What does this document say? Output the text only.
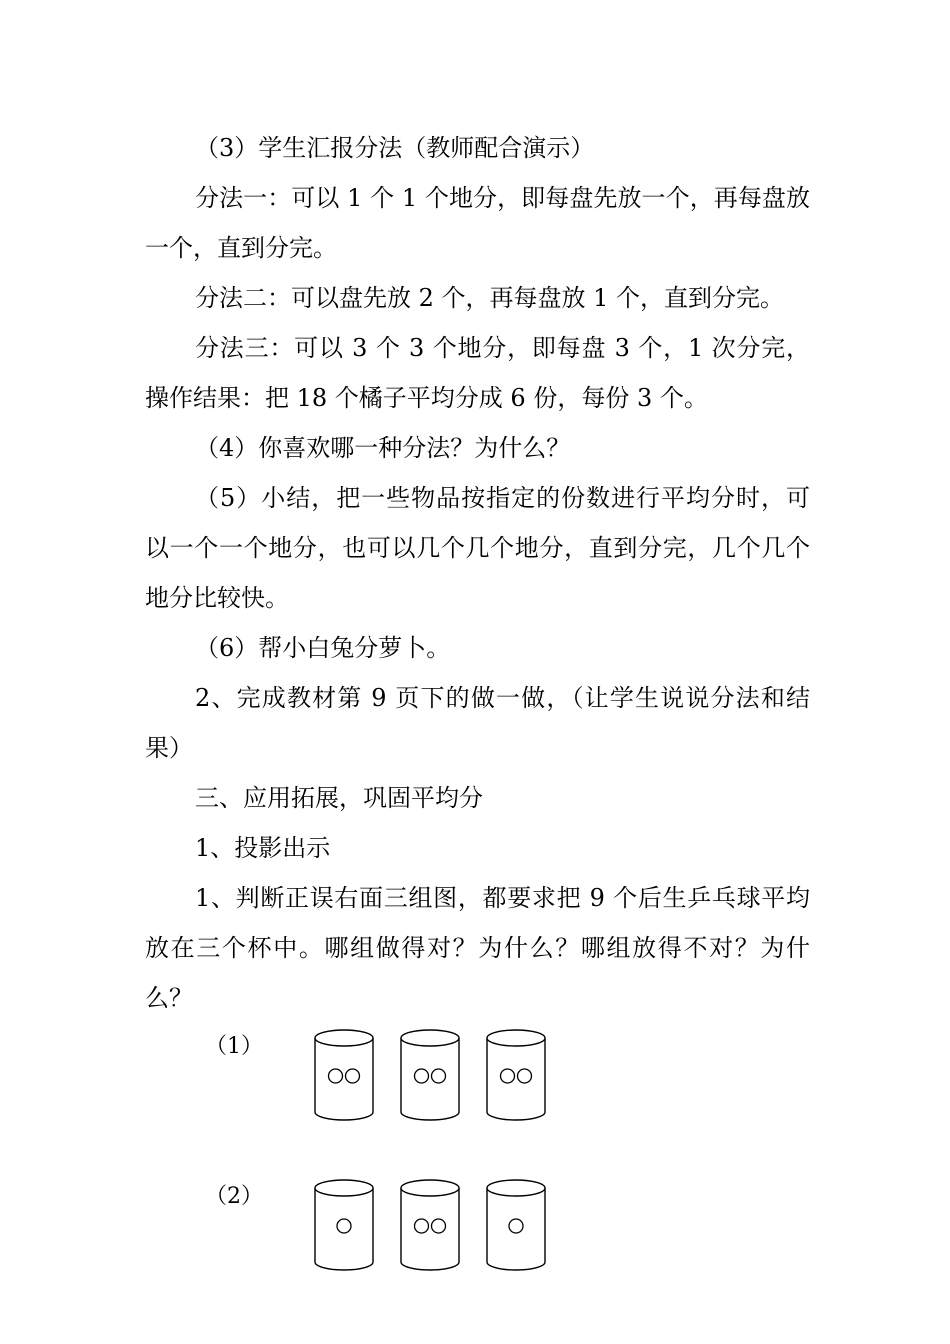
（3）学生汇报分法（教师配合演示）

分法一：可以 1 个 1 个地分，即每盘先放一个，再每盘放一个，直到分完。

分法二：可以盘先放 2 个，再每盘放 1 个，直到分完。

分法三：可以 3 个 3 个地分，即每盘 3 个，1 次分完，操作结果：把 18 个橘子平均分成 6 份，每份 3 个。

（4）你喜欢哪一种分法？为什么？

（5）小结，把一些物品按指定的份数进行平均分时，可以一个一个地分，也可以几个几个地分，直到分完，几个几个地分比较快。

（6）帮小白兔分萝卜。

2、完成教材第 9 页下的做一做，（让学生说说分法和结果）

三、应用拓展，巩固平均分

1、投影出示

1、判断正误右面三组图，都要求把 9 个后生乒乓球平均放在三个杯中。哪组做得对？为什么？哪组放得不对？为什么？

（1）
（2）
